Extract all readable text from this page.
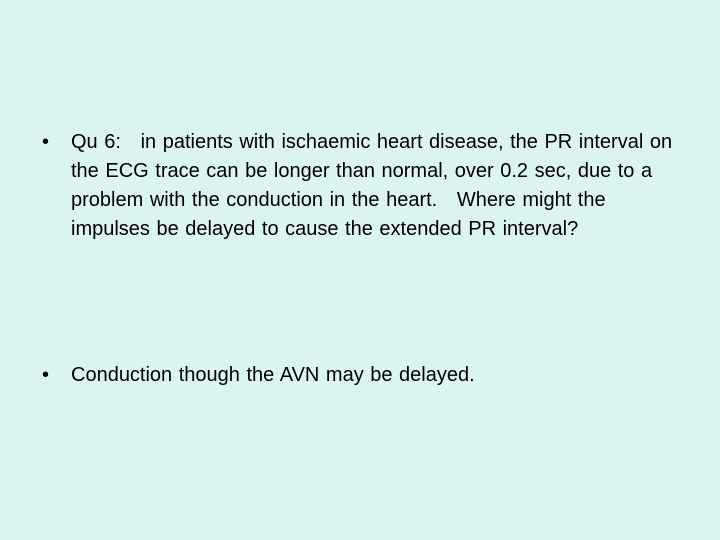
•	Qu 6:   in patients with ischaemic heart disease, the PR interval on the ECG trace can be longer than normal, over 0.2 sec, due to a problem with the conduction in the heart.   Where might the impulses be delayed to cause the extended PR interval?
•	Conduction though the AVN may be delayed.
